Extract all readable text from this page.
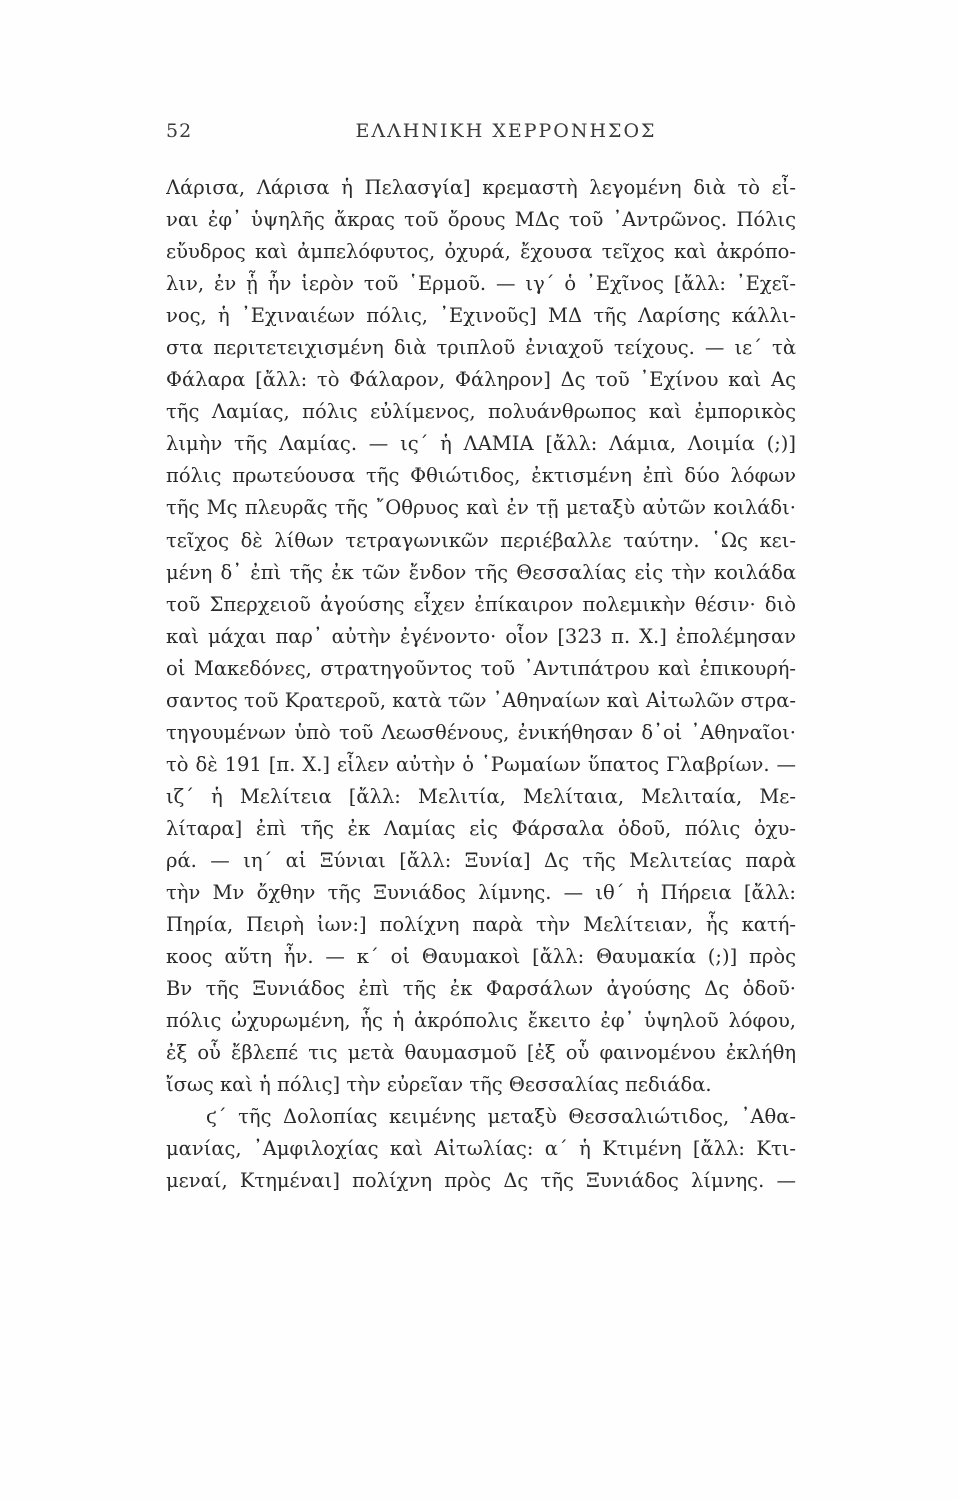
52	ΕΛΛΗΝΙΚΗ ΧΕΡΡΟΝΗΣΟΣ
Λάρισα, Λάρισα ἡ Πελασγία] κρεμαστὴ λεγομένη διὰ τὸ εἶ-
ναι ἐφ᾽ ὑψηλῆς ἄκρας τοῦ ὄρους ΜΔς τοῦ ᾽Αντρῶνος. Πόλις
εὔυδρος καὶ ἀμπελόφυτος, ὀχυρά, ἔχουσα τεῖχος καὶ ἀκρόπο-
λιν, ἐν ᾗ ἦν ἱερὸν τοῦ ῾Ερμοῦ. — ιγ΄ ὁ ᾽Εχῖνος [ἄλλ: ᾽Εχεῖ-
νος, ἡ ᾽Εχιναιέων πόλις, ᾽Εχινοῦς] ΜΔ τῆς Λαρίσης κάλλι-
στα περιτετειχισμένη διὰ τριπλοῦ ἐνιαχοῦ τείχους. — ιε΄ τὰ
Φάλαρα [ἄλλ: τὸ Φάλαρον, Φάληρον] Δς τοῦ ᾽Εχίνου καὶ Ας
τῆς Λαμίας, πόλις εὐλίμενος, πολυάνθρωπος καὶ ἐμπορικὸς
λιμὴν τῆς Λαμίας. — ις΄ ἡ ΛΑΜΙΑ [ἄλλ: Λάμια, Λοιμία (;)]
πόλις πρωτεύουσα τῆς Φθιώτιδος, ἐκτισμένη ἐπὶ δύο λόφων
τῆς Μς πλευρᾶς τῆς ῎Οθρυος καὶ ἐν τῇ μεταξὺ αὐτῶν κοιλάδι·
τεῖχος δὲ λίθων τετραγωνικῶν περιέβαλλε ταύτην. ῾Ως κει-
μένη δ᾽ ἐπὶ τῆς ἐκ τῶν ἔνδον τῆς Θεσσαλίας εἰς τὴν κοιλάδα
τοῦ Σπερχειοῦ ἀγούσης εἶχεν ἐπίκαιρον πολεμικὴν θέσιν· διὸ
καὶ μάχαι παρ᾽ αὐτὴν ἐγένοντο· οἷον [323 π. Χ.] ἐπολέμησαν
οἱ Μακεδόνες, στρατηγοῦντος τοῦ ᾽Αντιπάτρου καὶ ἐπικουρή-
σαντος τοῦ Κρατεροῦ, κατὰ τῶν ᾽Αθηναίων καὶ Αἰτωλῶν στρα-
τηγουμένων ὑπὸ τοῦ Λεωσθένους, ἐνικήθησαν δ᾽οἱ ᾽Αθηναῖοι·
τὸ δὲ 191 [π. Χ.] εἷλεν αὐτὴν ὁ ῾Ρωμαίων ὕπατος Γλαβρίων. —
ιζ΄ ἡ Μελίτεια [ἄλλ: Μελιτία, Μελίταια, Μελιταία, Με-
λίταρα] ἐπὶ τῆς ἐκ Λαμίας εἰς Φάρσαλα ὁδοῦ, πόλις ὀχυ-
ρά. — ιη΄ αἱ Ξύνιαι [ἄλλ: Ξυνία] Δς τῆς Μελιτείας παρὰ
τὴν Μν ὄχθην τῆς Ξυνιάδος λίμνης. — ιθ΄ ἡ Πήρεια [ἄλλ:
Πηρία, Πειρὴ ἰων:] πολίχνη παρὰ τὴν Μελίτειαν, ἧς κατή-
κοος αὕτη ἦν. — κ΄ οἱ Θαυμακοὶ [ἄλλ: Θαυμακία (;)] πρὸς
Βν τῆς Ξυνιάδος ἐπὶ τῆς ἐκ Φαρσάλων ἀγούσης Δς ὁδοῦ·
πόλις ὠχυρωμένη, ἧς ἡ ἀκρόπολις ἔκειτο ἐφ᾽ ὑψηλοῦ λόφου,
ἐξ οὗ ἔβλεπέ τις μετὰ θαυμασμοῦ [ἐξ οὗ φαινομένου ἐκλήθη
ἴσως καὶ ἡ πόλις] τὴν εὐρεῖαν τῆς Θεσσαλίας πεδιάδα.
ϛ΄ τῆς Δολοπίας κειμένης μεταξὺ Θεσσαλιώτιδος, ᾽Αθα-
μανίας, ᾽Αμφιλοχίας καὶ Αἰτωλίας: α΄ ἡ Κτιμένη [ἄλλ: Κτι-
μεναί, Κτημέναι] πολίχνη πρὸς Δς τῆς Ξυνιάδος λίμνης. —
